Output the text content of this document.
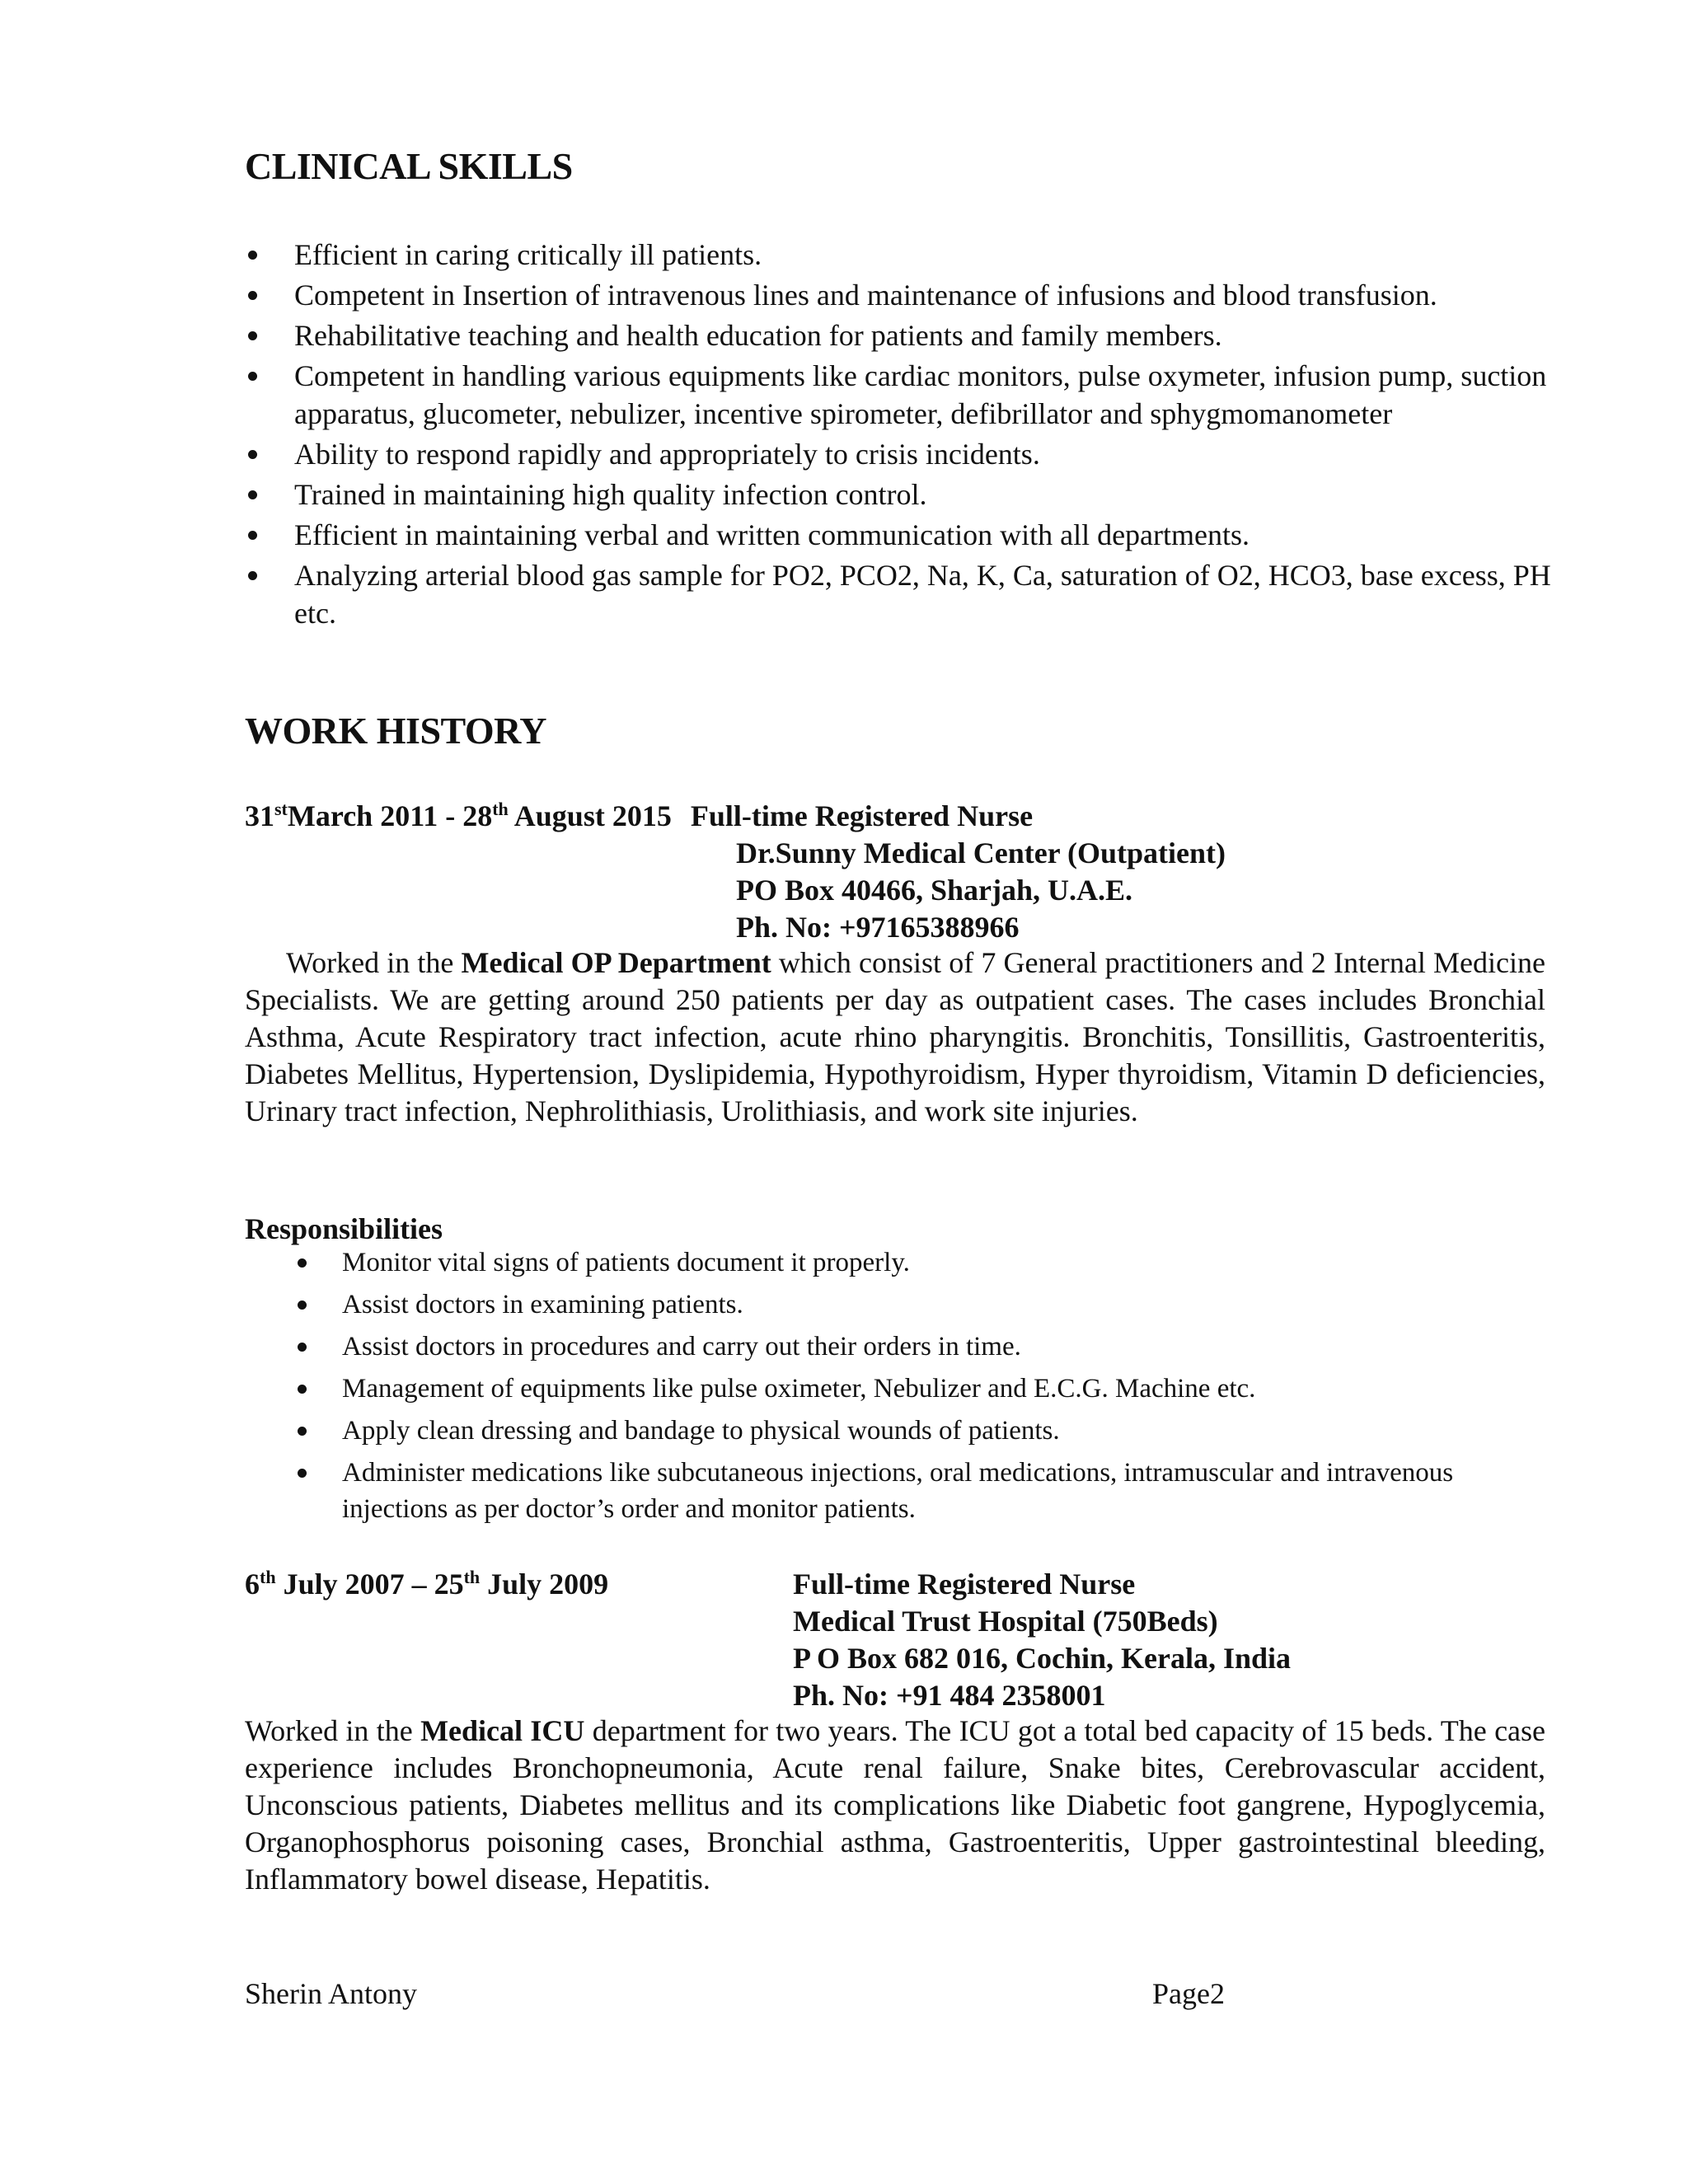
CLINICAL SKILLS
Efficient in caring critically ill patients.
Competent in Insertion of intravenous lines and maintenance of infusions and blood transfusion.
Rehabilitative teaching and health education for patients and family members.
Competent in handling various equipments like cardiac monitors, pulse oxymeter, infusion pump, suction apparatus, glucometer, nebulizer, incentive spirometer, defibrillator and sphygmomanometer
Ability to respond rapidly and appropriately to crisis incidents.
Trained in maintaining high quality infection control.
Efficient in maintaining verbal and written communication with all departments.
Analyzing arterial blood gas sample for PO2, PCO2, Na, K, Ca, saturation of O2, HCO3, base excess, PH etc.
WORK HISTORY
31stMarch 2011 - 28th August 2015 Full-time Registered Nurse
Dr.Sunny Medical Center (Outpatient)
PO Box 40466, Sharjah, U.A.E.
Ph. No: +97165388966

Worked in the Medical OP Department which consist of 7 General practitioners and 2 Internal Medicine Specialists. We are getting around 250 patients per day as outpatient cases. The cases includes Bronchial Asthma, Acute Respiratory tract infection, acute rhino pharyngitis. Bronchitis, Tonsillitis, Gastroenteritis, Diabetes Mellitus, Hypertension, Dyslipidemia, Hypothyroidism, Hyper thyroidism, Vitamin D deficiencies, Urinary tract infection, Nephrolithiasis, Urolithiasis, and work site injuries.

Responsibilities
Monitor vital signs of patients document it properly.
Assist doctors in examining patients.
Assist doctors in procedures and carry out their orders in time.
Management of equipments like pulse oximeter, Nebulizer and E.C.G. Machine etc.
Apply clean dressing and bandage to physical wounds of patients.
Administer medications like subcutaneous injections, oral medications, intramuscular and intravenous injections as per doctor’s order and monitor patients.
6th July 2007 – 25th July 2009	Full-time Registered Nurse
Medical Trust Hospital (750Beds)
P O Box 682 016, Cochin, Kerala, India
Ph. No: +91 484 2358001

Worked in the Medical ICU department for two years. The ICU got a total bed capacity of 15 beds. The case experience includes Bronchopneumonia, Acute renal failure, Snake bites, Cerebrovascular accident, Unconscious patients, Diabetes mellitus and its complications like Diabetic foot gangrene, Hypoglycemia, Organophosphorus poisoning cases, Bronchial asthma, Gastroenteritis, Upper gastrointestinal bleeding, Inflammatory bowel disease, Hepatitis.

Sherin Antony	Page2
